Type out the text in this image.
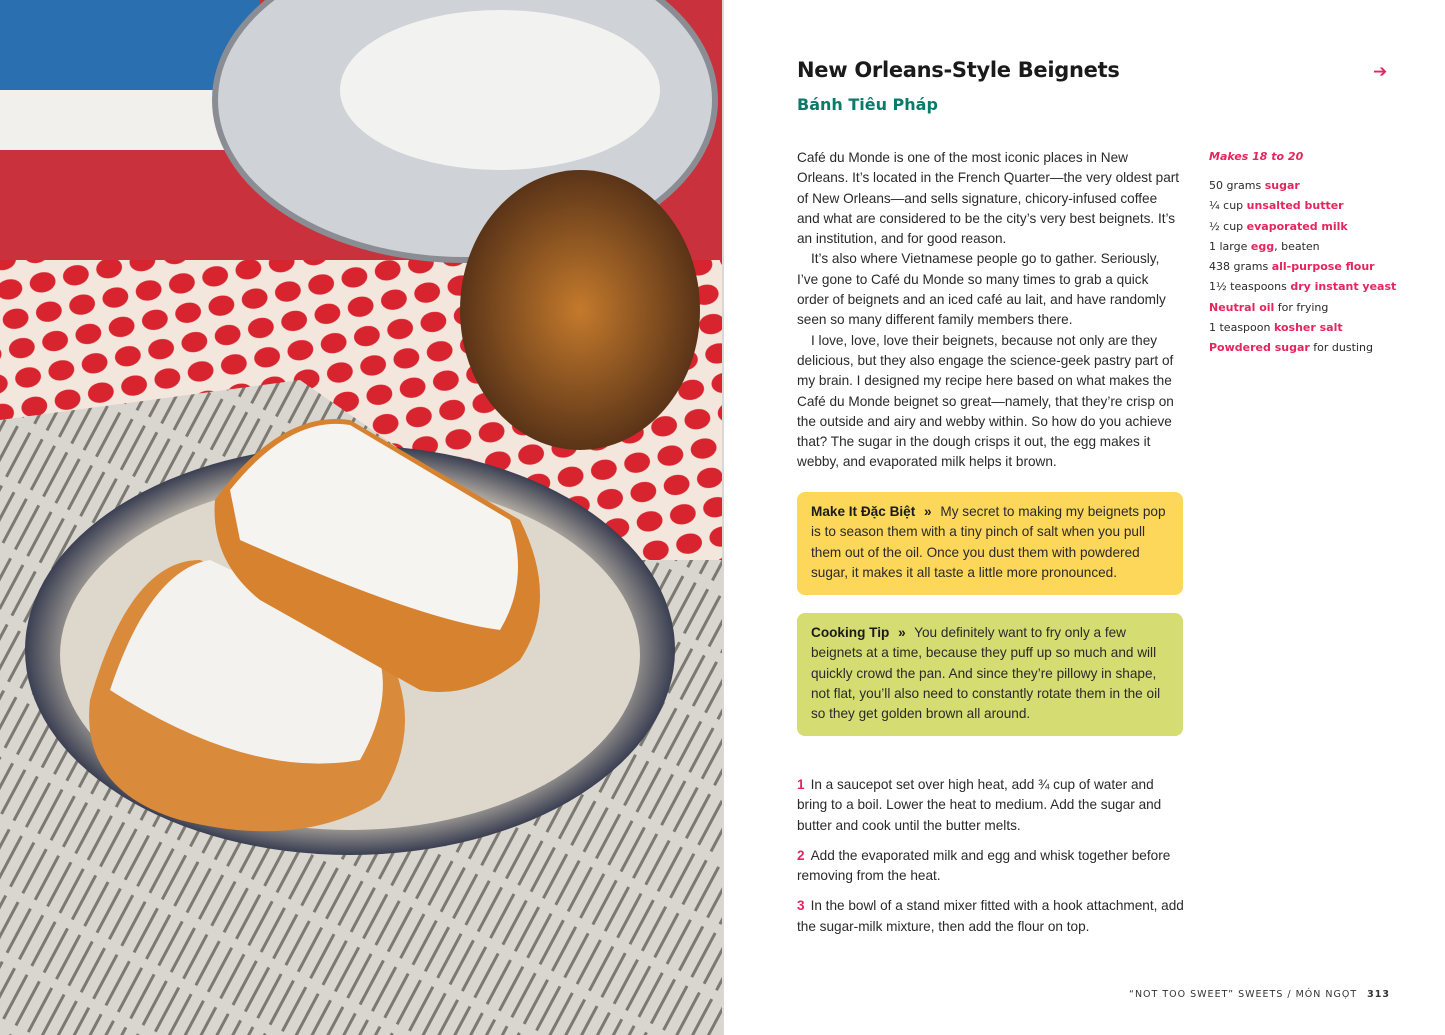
New Orleans-Style Beignets
Bánh Tiêu Pháp
➔

Café du Monde is one of the most iconic places in New Orleans. It’s located in the French Quarter—the very oldest part of New Orleans—and sells signature, chicory-infused coffee and what are considered to be the city’s very best beignets. It’s an institution, and for good reason.

It’s also where Vietnamese people go to gather. Seriously, I’ve gone to Café du Monde so many times to grab a quick order of beignets and an iced café au lait, and have randomly seen so many different family members there.

I love, love, love their beignets, because not only are they delicious, but they also engage the science-geek pastry part of my brain. I designed my recipe here based on what makes the Café du Monde beignet so great—namely, that they’re crisp on the outside and airy and webby within. So how do you achieve that? The sugar in the dough crisps it out, the egg makes it webby, and evaporated milk helps it brown.

Makes 18 to 20
50 grams sugar
¼ cup unsalted butter
½ cup evaporated milk
1 large egg, beaten
438 grams all-purpose flour
1½ teaspoons dry instant yeast
Neutral oil for frying
1 teaspoon kosher salt
Powdered sugar for dusting
Make It Đặc Biệt » My secret to making my beignets pop is to season them with a tiny pinch of salt when you pull them out of the oil. Once you dust them with powdered sugar, it makes it all taste a little more pronounced.
Cooking Tip » You definitely want to fry only a few beignets at a time, because they puff up so much and will quickly crowd the pan. And since they’re pillowy in shape, not flat, you’ll also need to constantly rotate them in the oil so they get golden brown all around.
1 In a saucepot set over high heat, add ¾ cup of water and bring to a boil. Lower the heat to medium. Add the sugar and butter and cook until the butter melts.
2 Add the evaporated milk and egg and whisk together before removing from the heat.
3 In the bowl of a stand mixer fitted with a hook attachment, add the sugar-milk mixture, then add the flour on top.
“NOT TOO SWEET” SWEETS / MÓN NGỌT 313
